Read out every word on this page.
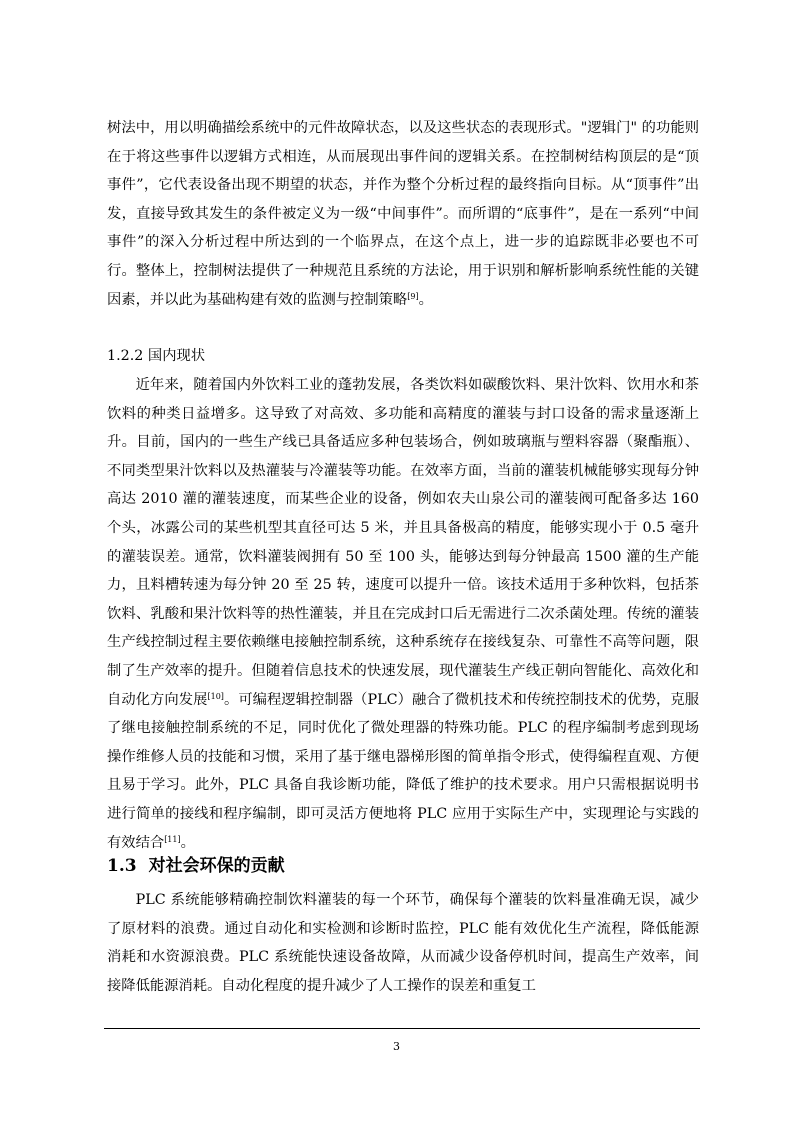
树法中，用以明确描绘系统中的元件故障状态，以及这些状态的表现形式。"逻辑门" 的功能则在于将这些事件以逻辑方式相连，从而展现出事件间的逻辑关系。在控制树结构顶层的是“顶事件”，它代表设备出现不期望的状态，并作为整个分析过程的最终指向目标。从“顶事件”出发，直接导致其发生的条件被定义为一级“中间事件”。而所谓的“底事件”，是在一系列“中间事件”的深入分析过程中所达到的一个临界点，在这个点上，进一步的追踪既非必要也不可行。整体上，控制树法提供了一种规范且系统的方法论，用于识别和解析影响系统性能的关键因素，并以此为基础构建有效的监测与控制策略[9]。

1.2.2 国内现状

近年来，随着国内外饮料工业的蓬勃发展，各类饮料如碳酸饮料、果汁饮料、饮用水和茶饮料的种类日益增多。这导致了对高效、多功能和高精度的灌装与封口设备的需求量逐渐上升。目前，国内的一些生产线已具备适应多种包装场合，例如玻璃瓶与塑料容器（聚酯瓶）、不同类型果汁饮料以及热灌装与冷灌装等功能。在效率方面，当前的灌装机械能够实现每分钟高达 2010 灌的灌装速度，而某些企业的设备，例如农夫山泉公司的灌装阀可配备多达 160 个头，冰露公司的某些机型其直径可达 5 米，并且具备极高的精度，能够实现小于 0.5 毫升的灌装误差。通常，饮料灌装阀拥有 50 至 100 头，能够达到每分钟最高 1500 灌的生产能力，且料槽转速为每分钟 20 至 25 转，速度可以提升一倍。该技术适用于多种饮料，包括茶饮料、乳酸和果汁饮料等的热性灌装，并且在完成封口后无需进行二次杀菌处理。传统的灌装生产线控制过程主要依赖继电接触控制系统，这种系统存在接线复杂、可靠性不高等问题，限制了生产效率的提升。但随着信息技术的快速发展，现代灌装生产线正朝向智能化、高效化和自动化方向发展[10]。可编程逻辑控制器（PLC）融合了微机技术和传统控制技术的优势，克服了继电接触控制系统的不足，同时优化了微处理器的特殊功能。PLC 的程序编制考虑到现场操作维修人员的技能和习惯，采用了基于继电器梯形图的简单指令形式，使得编程直观、方便且易于学习。此外，PLC 具备自我诊断功能，降低了维护的技术要求。用户只需根据说明书进行简单的接线和程序编制，即可灵活方便地将 PLC 应用于实际生产中，实现理论与实践的有效结合[11]。

1.3 对社会环保的贡献

PLC 系统能够精确控制饮料灌装的每一个环节，确保每个灌装的饮料量准确无误，减少了原材料的浪费。通过自动化和实检测和诊断时监控，PLC 能有效优化生产流程，降低能源消耗和水资源浪费。PLC 系统能快速设备故障，从而减少设备停机时间，提高生产效率，间接降低能源消耗。自动化程度的提升减少了人工操作的误差和重复工

3
